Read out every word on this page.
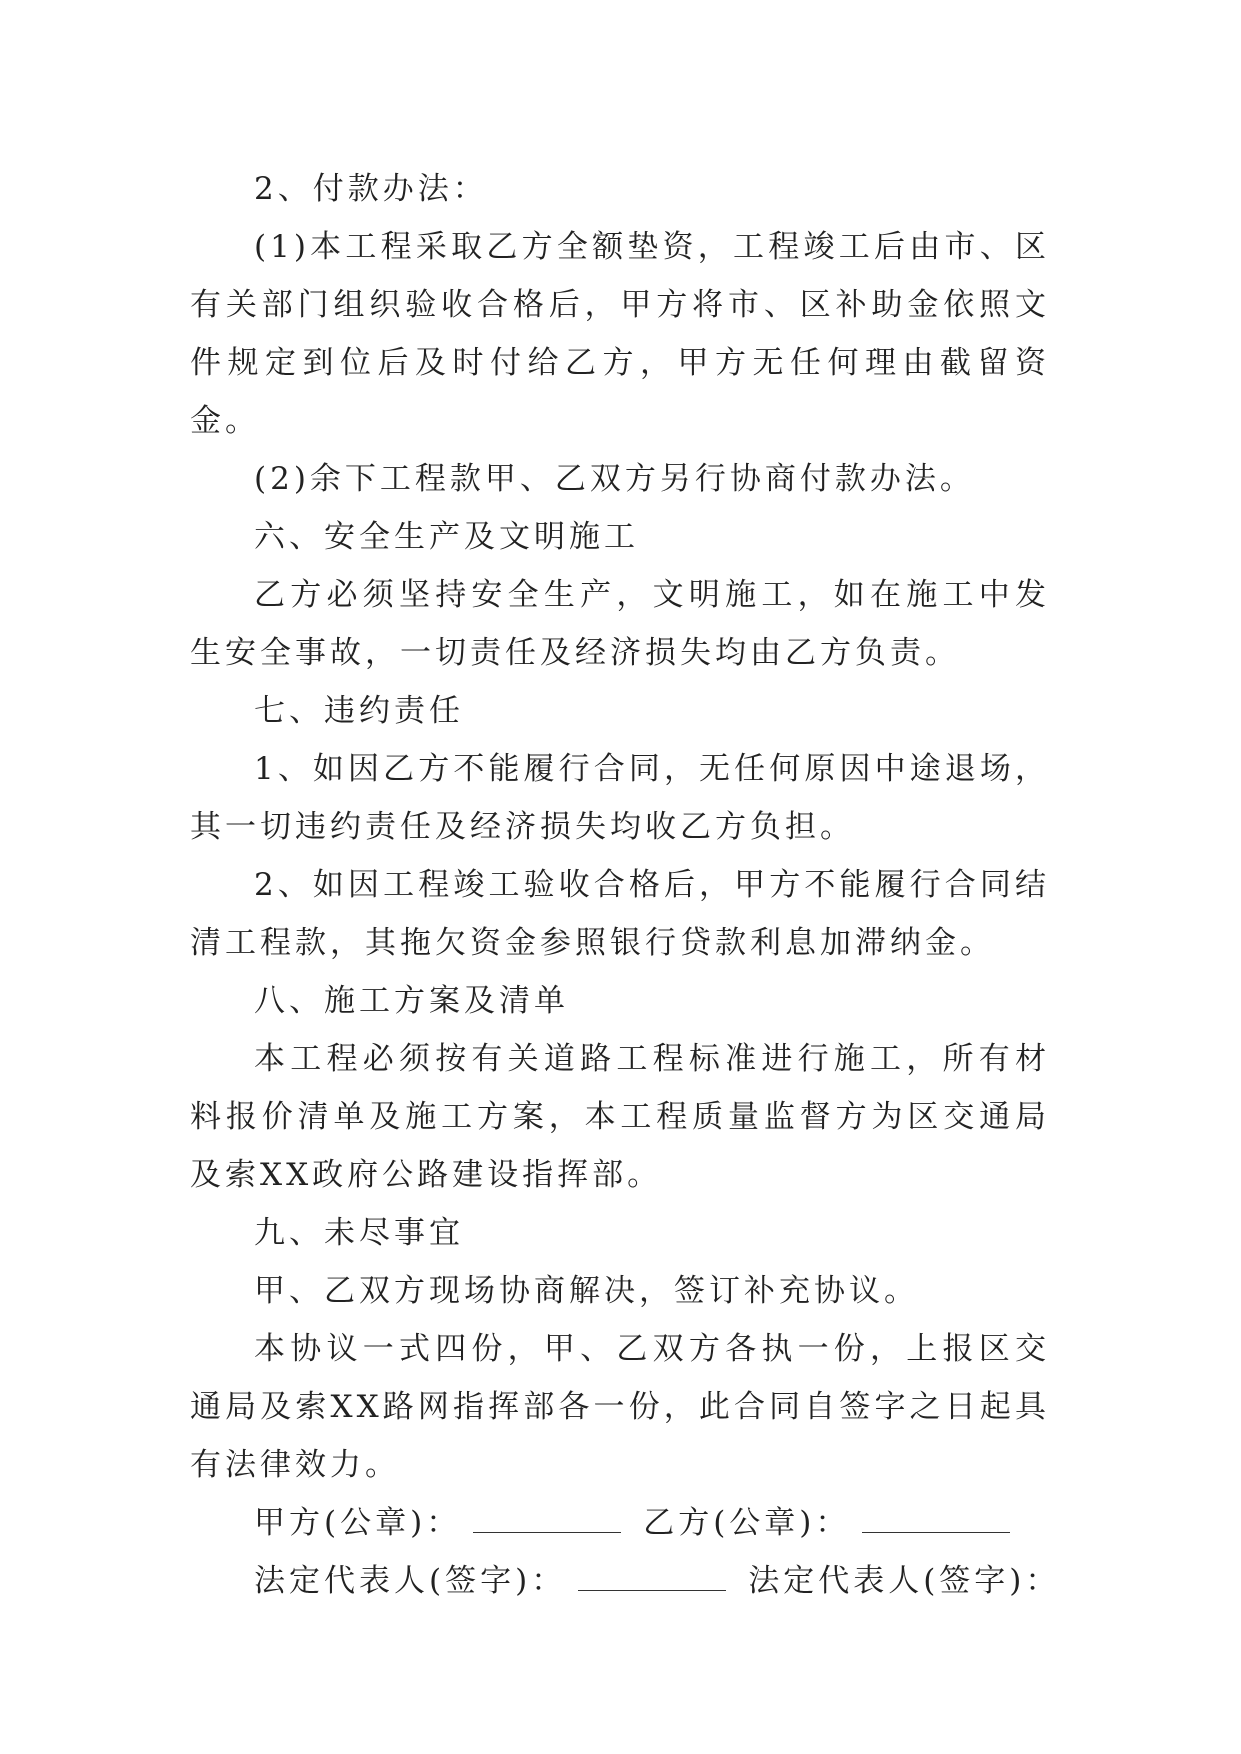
2、付款办法：

(1)本工程采取乙方全额垫资，工程竣工后由市、区有关部门组织验收合格后，甲方将市、区补助金依照文件规定到位后及时付给乙方，甲方无任何理由截留资金。

(2)余下工程款甲、乙双方另行协商付款办法。

六、安全生产及文明施工

乙方必须坚持安全生产，文明施工，如在施工中发生安全事故，一切责任及经济损失均由乙方负责。

七、违约责任

1、如因乙方不能履行合同，无任何原因中途退场，其一切违约责任及经济损失均收乙方负担。

2、如因工程竣工验收合格后，甲方不能履行合同结清工程款，其拖欠资金参照银行贷款利息加滞纳金。

八、施工方案及清单

本工程必须按有关道路工程标准进行施工，所有材料报价清单及施工方案，本工程质量监督方为区交通局及索XX政府公路建设指挥部。

九、未尽事宜

甲、乙双方现场协商解决，签订补充协议。

本协议一式四份，甲、乙双方各执一份，上报区交通局及索XX路网指挥部各一份，此合同自签字之日起具有法律效力。

甲方(公章)：	乙方(公章)：
法定代表人(签字)：	法定代表人(签字)：
